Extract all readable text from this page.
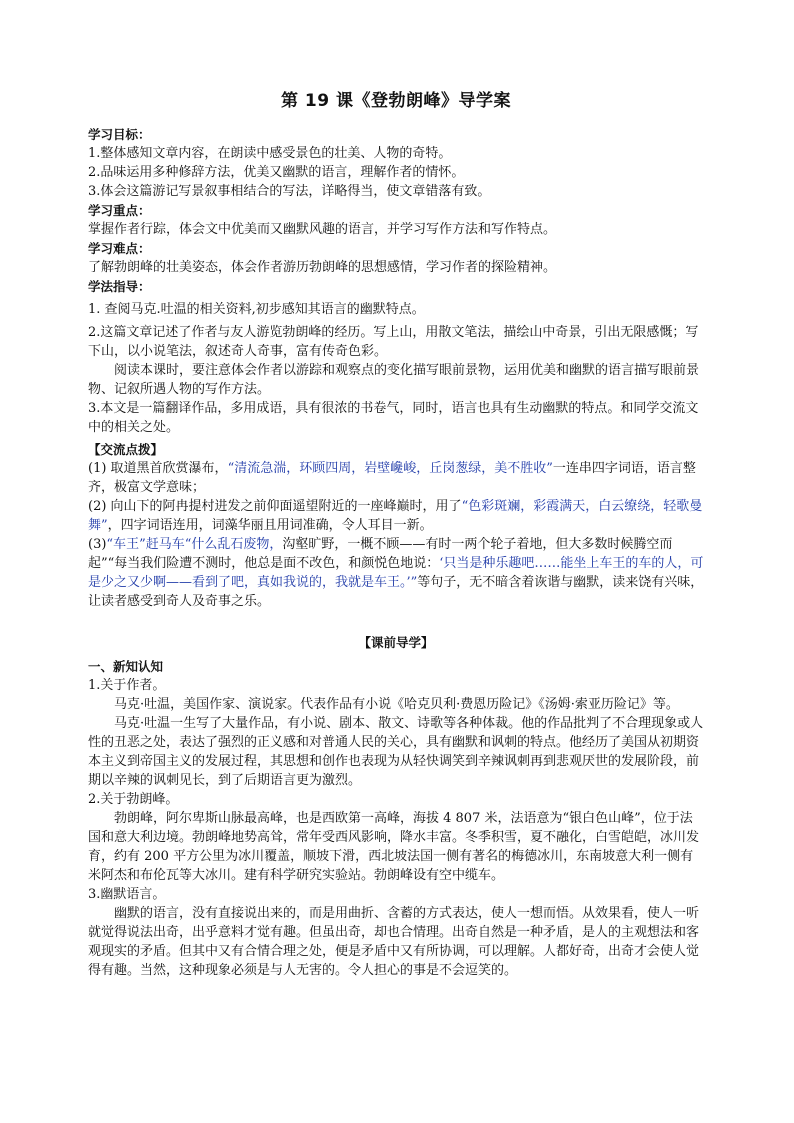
第 19 课《登勃朗峰》导学案
学习目标：

1.整体感知文章内容，在朗读中感受景色的壮美、人物的奇特。

2.品味运用多种修辞方法，优美又幽默的语言，理解作者的情怀。

3.体会这篇游记写景叙事相结合的写法，详略得当，使文章错落有致。

学习重点：

掌握作者行踪，体会文中优美而又幽默风趣的语言，并学习写作方法和写作特点。

学习难点：

了解勃朗峰的壮美姿态，体会作者游历勃朗峰的思想感情，学习作者的探险精神。

学法指导：

1. 查阅马克.吐温的相关资料,初步感知其语言的幽默特点。

2.这篇文章记述了作者与友人游览勃朗峰的经历。写上山，用散文笔法，描绘山中奇景，引出无限感慨；写下山，以小说笔法，叙述奇人奇事，富有传奇色彩。

阅读本课时，要注意体会作者以游踪和观察点的变化描写眼前景物，运用优美和幽默的语言描写眼前景物、记叙所遇人物的写作方法。

3.本文是一篇翻译作品，多用成语，具有很浓的书卷气，同时，语言也具有生动幽默的特点。和同学交流文中的相关之处。

【交流点拨】

(1) 取道黑首欣赏瀑布，“清流急湍，环顾四周，岩壁巉峻，丘岗葱绿，美不胜收”一连串四字词语，语言整齐，极富文学意味；

(2) 向山下的阿冉提村进发之前仰面遥望附近的一座峰巅时，用了“色彩斑斓，彩霞满天，白云缭绕，轻歌曼舞”，四字词语连用，词藻华丽且用词准确，令人耳目一新。

(3)“车王”赶马车“什么乱石废物，沟壑旷野，一概不顾——有时一两个轮子着地，但大多数时候腾空而起”“每当我们险遭不测时，他总是面不改色，和颜悦色地说：‘只当是种乐趣吧……能坐上车王的车的人，可是少之又少啊——看到了吧，真如我说的，我就是车王。’”等句子，无不暗含着诙谐与幽默，读来饶有兴味，让读者感受到奇人及奇事之乐。

【课前导学】
一、新知认知

1.关于作者。

马克·吐温，美国作家、演说家。代表作品有小说《哈克贝利·费恩历险记》《汤姆·索亚历险记》等。

马克·吐温一生写了大量作品，有小说、剧本、散文、诗歌等各种体裁。他的作品批判了不合理现象或人性的丑恶之处，表达了强烈的正义感和对普通人民的关心，具有幽默和讽刺的特点。他经历了美国从初期资本主义到帝国主义的发展过程，其思想和创作也表现为从轻快调笑到辛辣讽刺再到悲观厌世的发展阶段，前期以辛辣的讽刺见长，到了后期语言更为激烈。

2.关于勃朗峰。

勃朗峰，阿尔卑斯山脉最高峰，也是西欧第一高峰，海拔 4 807 米，法语意为“银白色山峰”，位于法国和意大利边境。勃朗峰地势高耸，常年受西风影响，降水丰富。冬季积雪，夏不融化，白雪皑皑，冰川发育，约有 200 平方公里为冰川覆盖，顺坡下滑，西北坡法国一侧有著名的梅德冰川，东南坡意大利一侧有米阿杰和布伦瓦等大冰川。建有科学研究实验站。勃朗峰设有空中缆车。

3.幽默语言。

幽默的语言，没有直接说出来的，而是用曲折、含蓄的方式表达，使人一想而悟。从效果看，使人一听就觉得说法出奇，出乎意料才觉有趣。但虽出奇，却也合情理。出奇自然是一种矛盾，是人的主观想法和客观现实的矛盾。但其中又有合情合理之处，便是矛盾中又有所协调，可以理解。人都好奇，出奇才会使人觉得有趣。当然，这种现象必须是与人无害的。令人担心的事是不会逗笑的。
